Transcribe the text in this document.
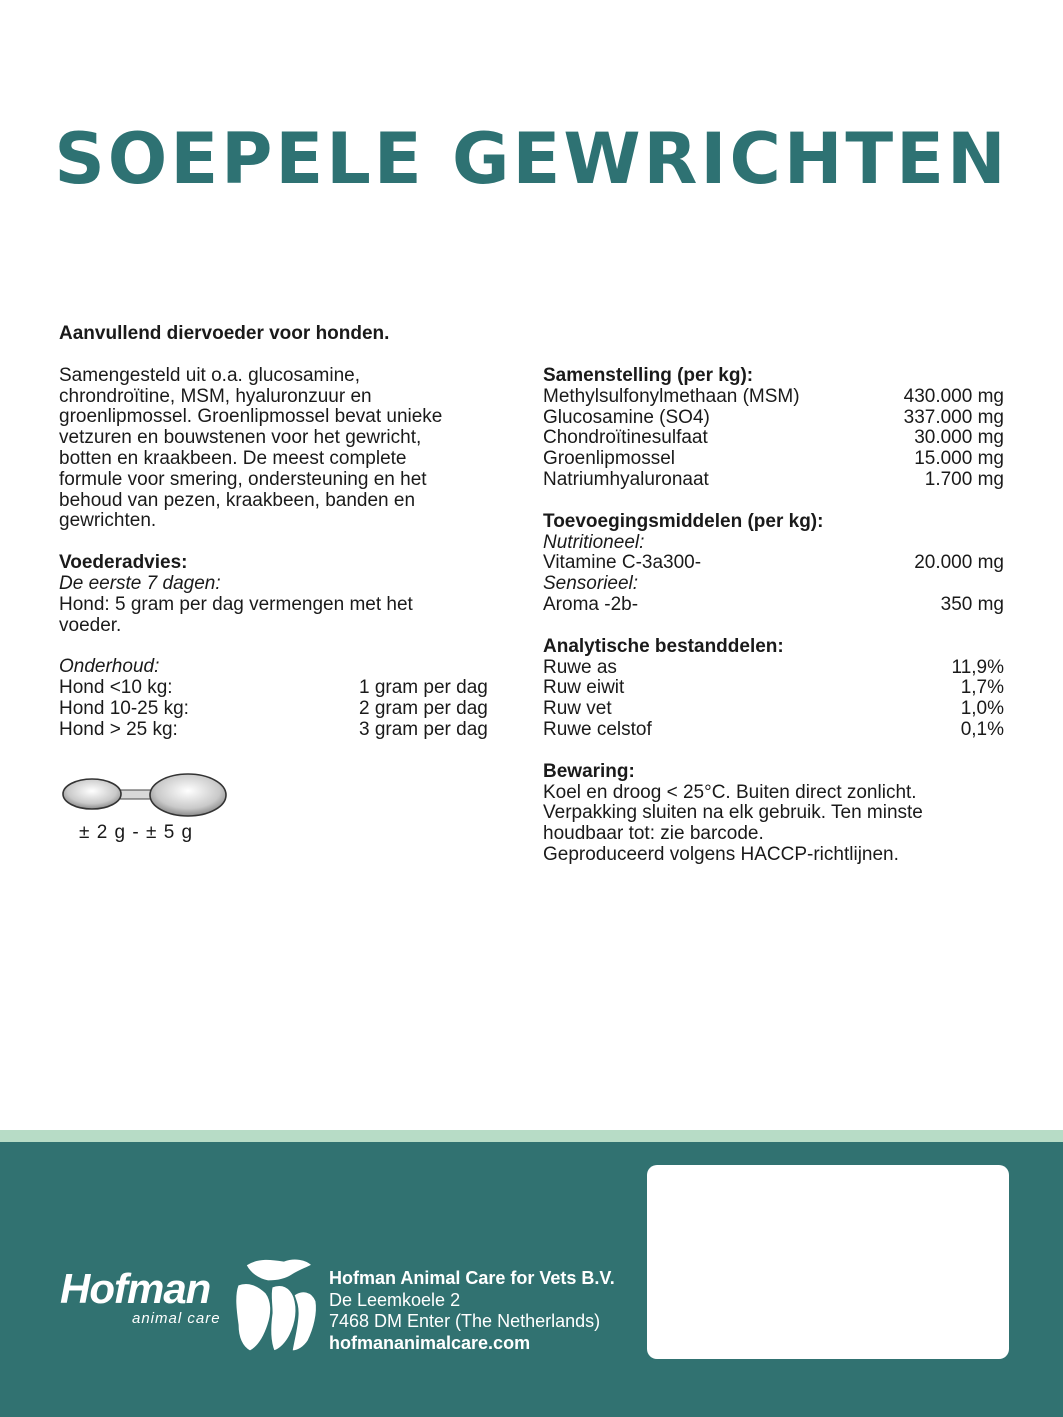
SOEPELE GEWRICHTEN

Aanvullend diervoeder voor honden.

Samengesteld uit o.a. glucosamine,
chrondroïtine, MSM, hyaluronzuur en
groenlipmossel. Groenlipmossel bevat unieke
vetzuren en bouwstenen voor het gewricht,
botten en kraakbeen. De meest complete
formule voor smering, ondersteuning en het
behoud van pezen, kraakbeen, banden en
gewrichten.
Voederadvies:
De eerste 7 dagen:
Hond: 5 gram per dag vermengen met het
voeder.
Onderhoud:
Hond <10 kg:	1 gram per dag
Hond 10-25 kg:	2 gram per dag
Hond > 25 kg:	3 gram per dag
± 2 g - ± 5 g
Samenstelling (per kg):
Methylsulfonylmethaan (MSM)	430.000 mg
Glucosamine (SO4)	337.000 mg
Chondroïtinesulfaat	30.000 mg
Groenlipmossel	15.000 mg
Natriumhyaluronaat	1.700 mg
Toevoegingsmiddelen (per kg):
Nutritioneel:
Vitamine C-3a300-	20.000 mg
Sensorieel:
Aroma -2b-	350 mg
Analytische bestanddelen:
Ruwe as	11,9%
Ruw eiwit	1,7%
Ruw vet	1,0%
Ruwe celstof	0,1%
Bewaring:
Koel en droog < 25°C. Buiten direct zonlicht.
Verpakking sluiten na elk gebruik. Ten minste
houdbaar tot: zie barcode.
Geproduceerd volgens HACCP-richtlijnen.
Hofman
animal care
Hofman Animal Care for Vets B.V.
De Leemkoele 2
7468 DM Enter (The Netherlands)
hofmananimalcare.com
